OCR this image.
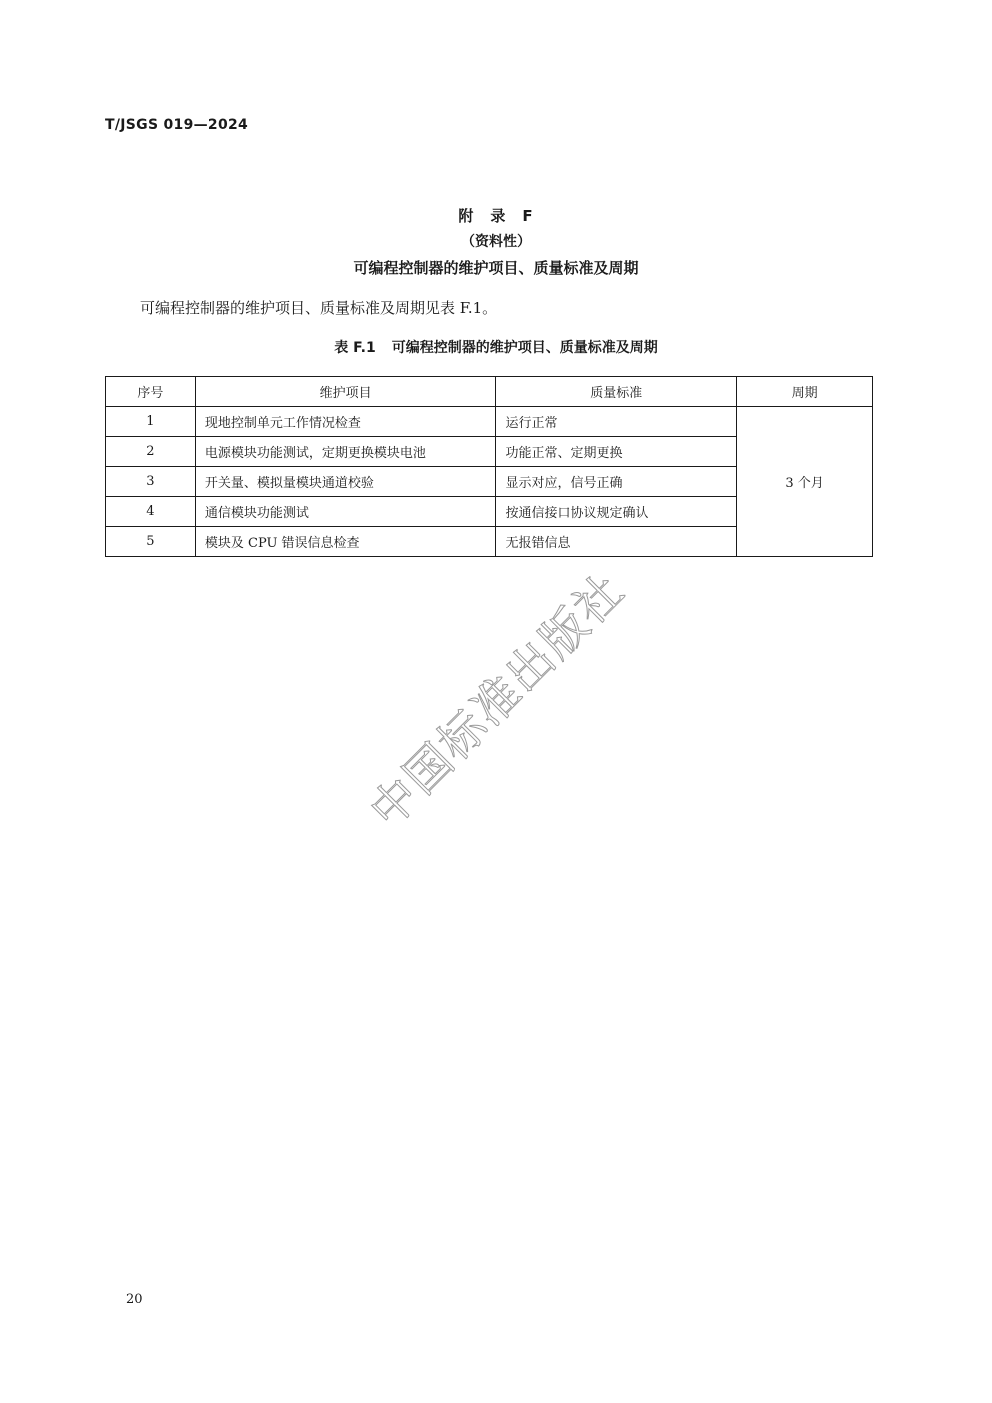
T/JSGS 019—2024
附　录　F
（资料性）
可编程控制器的维护项目、质量标准及周期
可编程控制器的维护项目、质量标准及周期见表 F.1。
表 F.1 可编程控制器的维护项目、质量标准及周期
序号	维护项目	质量标准	周期
1	现地控制单元工作情况检查	运行正常	3 个月
2	电源模块功能测试，定期更换模块电池	功能正常、定期更换	
3	开关量、模拟量模块通道校验	显示对应，信号正确	
4	通信模块功能测试	按通信接口协议规定确认	
5	模块及 CPU 错误信息检查	无报错信息	
中国标准出版社
20
